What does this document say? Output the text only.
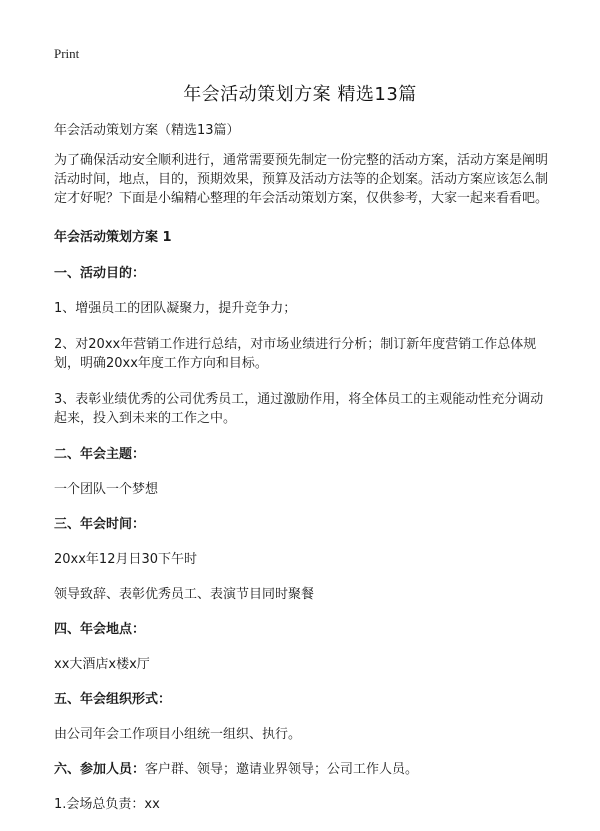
Print
年会活动策划方案 精选13篇

年会活动策划方案（精选13篇）

为了确保活动安全顺利进行，通常需要预先制定一份完整的活动方案，活动方案是阐明活动时间，地点，目的，预期效果，预算及活动方法等的企划案。活动方案应该怎么制定才好呢？下面是小编精心整理的年会活动策划方案，仅供参考，大家一起来看看吧。

年会活动策划方案 1

一、活动目的：

1、增强员工的团队凝聚力，提升竞争力；

2、对20xx年营销工作进行总结，对市场业绩进行分析；制订新年度营销工作总体规划，明确20xx年度工作方向和目标。

3、表彰业绩优秀的公司优秀员工，通过激励作用，将全体员工的主观能动性充分调动起来，投入到未来的工作之中。

二、年会主题：

一个团队一个梦想

三、年会时间：

20xx年12月日30下午时

领导致辞、表彰优秀员工、表演节目同时聚餐

四、年会地点：

xx大酒店x楼x厅

五、年会组织形式：

由公司年会工作项目小组统一组织、执行。

六、参加人员：客户群、领导；邀请业界领导；公司工作人员。

1.会场总负责：xx
